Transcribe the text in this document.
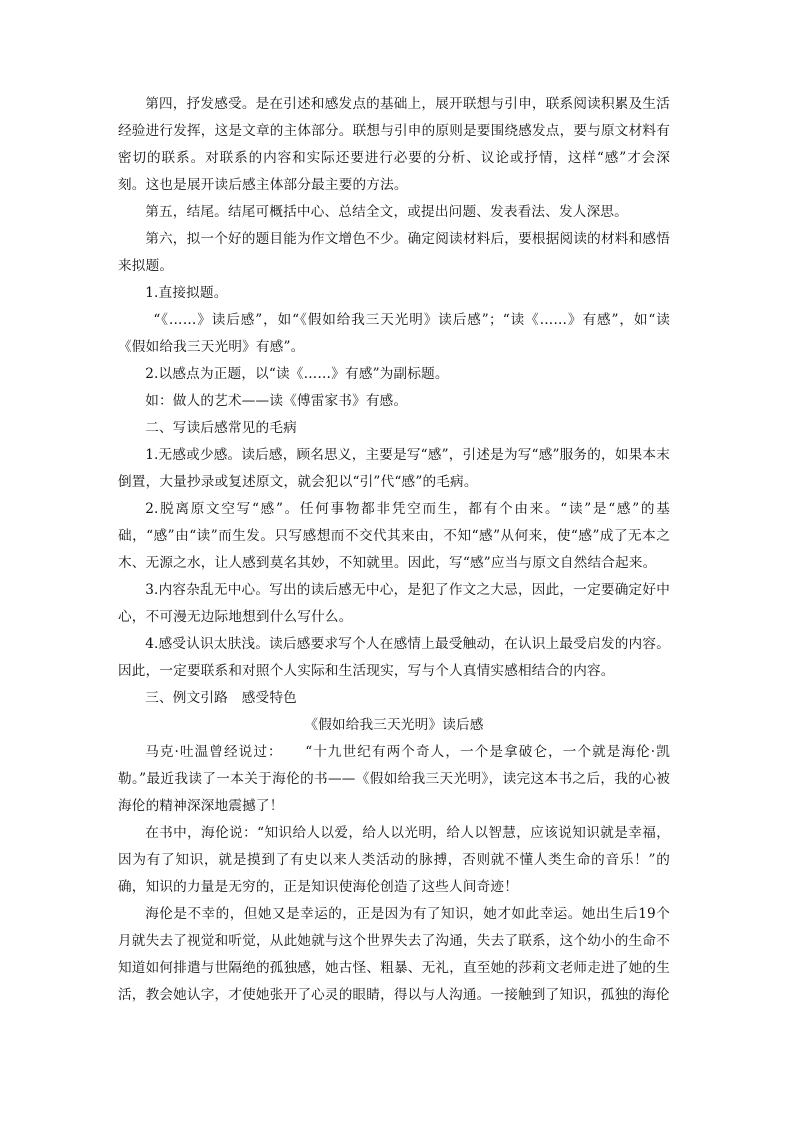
第四，抒发感受。是在引述和感发点的基础上，展开联想与引申，联系阅读积累及生活经验进行发挥，这是文章的主体部分。联想与引申的原则是要围绕感发点，要与原文材料有密切的联系。对联系的内容和实际还要进行必要的分析、议论或抒情，这样“感”才会深刻。这也是展开读后感主体部分最主要的方法。

第五，结尾。结尾可概括中心、总结全文，或提出问题、发表看法、发人深思。

第六，拟一个好的题目能为作文增色不少。确定阅读材料后，要根据阅读的材料和感悟来拟题。

1.直接拟题。

“《……》读后感”，如“《假如给我三天光明》读后感”；“读《……》有感”，如“读《假如给我三天光明》有感”。

2.以感点为正题，以“读《……》有感”为副标题。

如：做人的艺术——读《傅雷家书》有感。

二、写读后感常见的毛病

1.无感或少感。读后感，顾名思义，主要是写“感”，引述是为写“感”服务的，如果本末倒置，大量抄录或复述原文，就会犯以“引”代“感”的毛病。

2.脱离原文空写“感”。任何事物都非凭空而生，都有个由来。“读”是“感”的基础，“感”由“读”而生发。只写感想而不交代其来由，不知“感”从何来，使“感”成了无本之木、无源之水，让人感到莫名其妙，不知就里。因此，写“感”应当与原文自然结合起来。

3.内容杂乱无中心。写出的读后感无中心，是犯了作文之大忌，因此，一定要确定好中心，不可漫无边际地想到什么写什么。

4.感受认识太肤浅。读后感要求写个人在感情上最受触动，在认识上最受启发的内容。因此，一定要联系和对照个人实际和生活现实，写与个人真情实感相结合的内容。

三、例文引路　感受特色

《假如给我三天光明》读后感

马克·吐温曾经说过：　　“十九世纪有两个奇人，一个是拿破仑，一个就是海伦·凯勒。”最近我读了一本关于海伦的书——《假如给我三天光明》，读完这本书之后，我的心被海伦的精神深深地震撼了！

在书中，海伦说：“知识给人以爱，给人以光明，给人以智慧，应该说知识就是幸福，因为有了知识，就是摸到了有史以来人类活动的脉搏，否则就不懂人类生命的音乐！”的确，知识的力量是无穷的，正是知识使海伦创造了这些人间奇迹！

海伦是不幸的，但她又是幸运的，正是因为有了知识，她才如此幸运。她出生后19个月就失去了视觉和听觉，从此她就与这个世界失去了沟通，失去了联系，这个幼小的生命不知道如何排遣与世隔绝的孤独感，她古怪、粗暴、无礼，直至她的莎莉文老师走进了她的生活，教会她认字，才使她张开了心灵的眼睛，得以与人沟通。一接触到了知识，孤独的海伦
